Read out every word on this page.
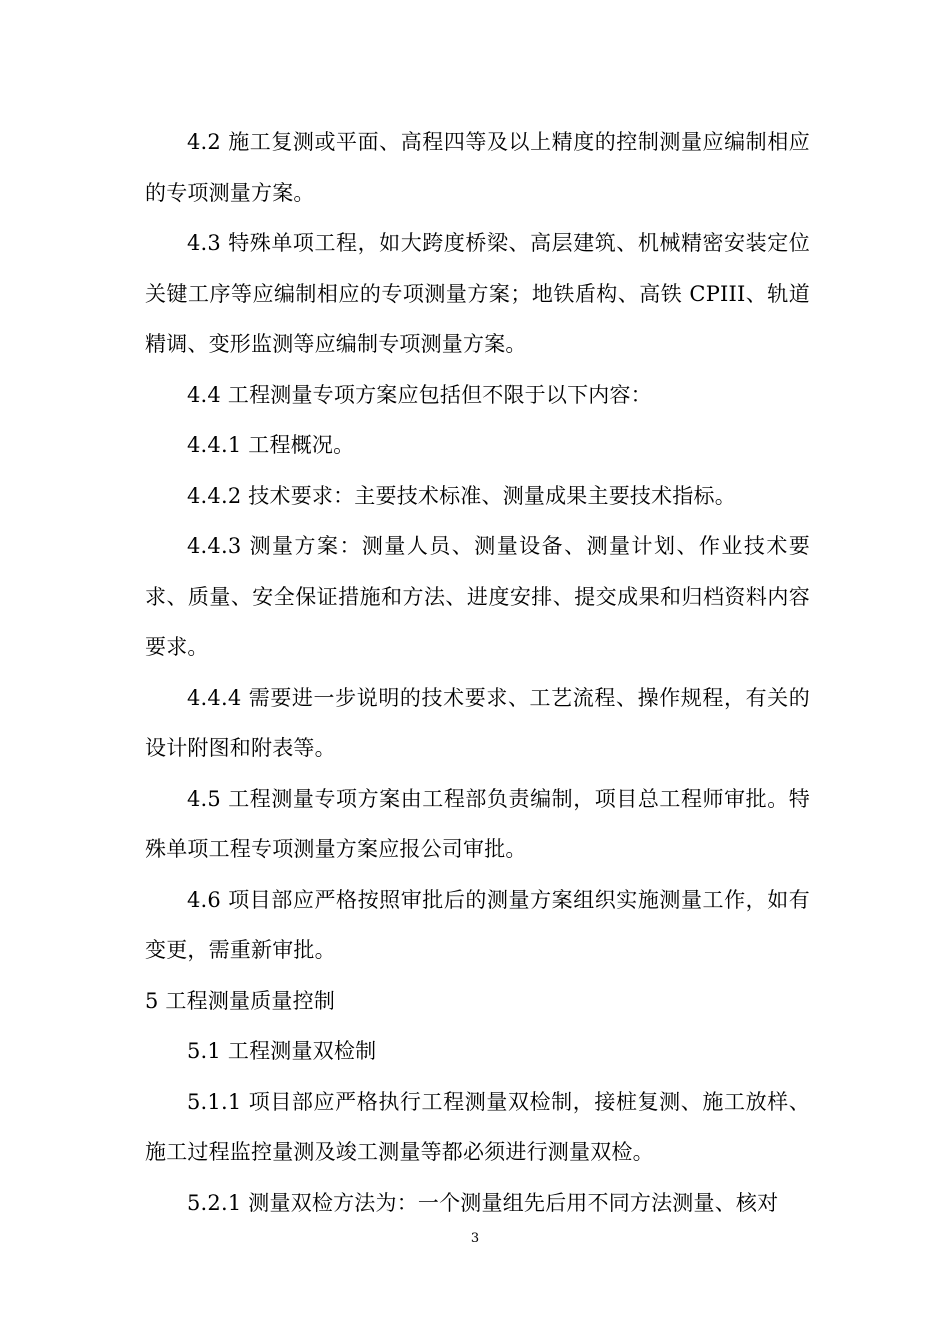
4.2 施工复测或平面、高程四等及以上精度的控制测量应编制相应的专项测量方案。

4.3 特殊单项工程，如大跨度桥梁、高层建筑、机械精密安装定位关键工序等应编制相应的专项测量方案；地铁盾构、高铁 CPIII、轨道精调、变形监测等应编制专项测量方案。

4.4 工程测量专项方案应包括但不限于以下内容：

4.4.1 工程概况。

4.4.2 技术要求：主要技术标准、测量成果主要技术指标。

4.4.3 测量方案：测量人员、测量设备、测量计划、作业技术要求、质量、安全保证措施和方法、进度安排、提交成果和归档资料内容要求。

4.4.4 需要进一步说明的技术要求、工艺流程、操作规程，有关的设计附图和附表等。

4.5 工程测量专项方案由工程部负责编制，项目总工程师审批。特殊单项工程专项测量方案应报公司审批。

4.6 项目部应严格按照审批后的测量方案组织实施测量工作，如有变更，需重新审批。

5 工程测量质量控制

5.1 工程测量双检制

5.1.1 项目部应严格执行工程测量双检制，接桩复测、施工放样、施工过程监控量测及竣工测量等都必须进行测量双检。

5.2.1 测量双检方法为：一个测量组先后用不同方法测量、核对

3
